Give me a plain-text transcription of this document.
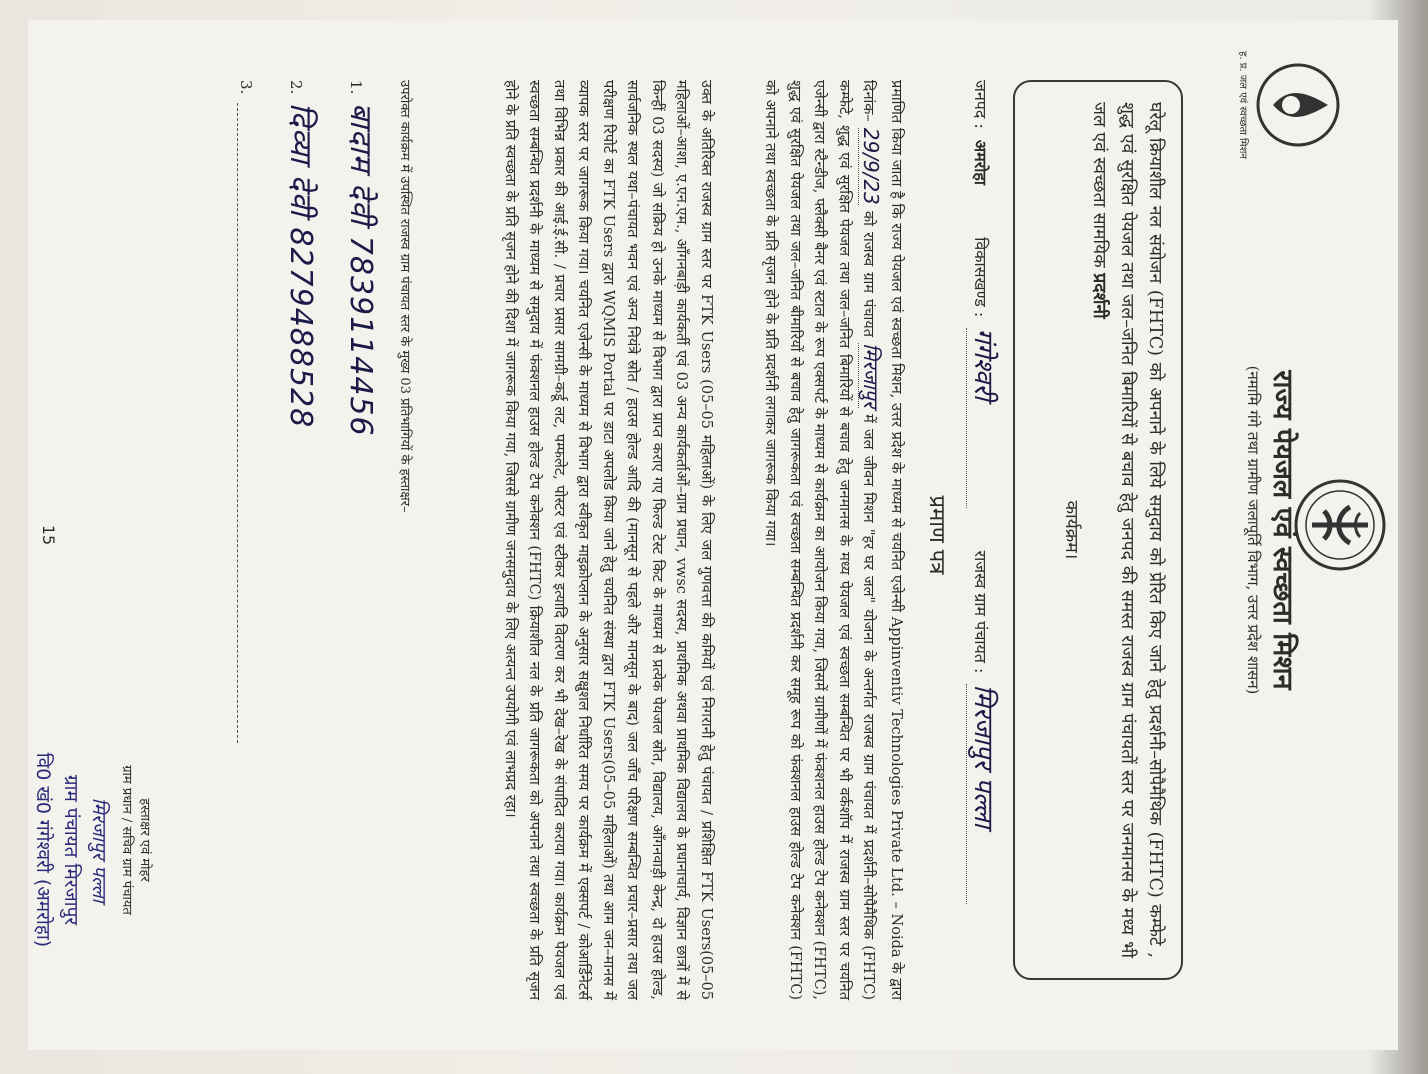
ह. प्र. जल एवं स्वच्छता मिशन
राज्य पेयजल एवं स्वच्छता मिशन
(नमामि गंगे तथा ग्रामीण जलापूर्ति विभाग, उत्तर प्रदेश शासन)
घरेलू क्रियाशील नल संयोजन (FHTC) को अपनाने के लिये समुदाय को प्रेरित किए जाने हेतु प्रदर्शनी–सोपैमैथिक (FHTC) कम्फेटे , शुद्ध एवं सुरक्षित पेयजल तथा जल–जनित बिमारियों से बचाव हेतु जनपद की समस्त राजस्व ग्राम पंचायतों स्तर पर जनमानस के मध्य भी जल एवं स्वच्छता सामयिक प्रदर्शनी
कार्यक्रम।
जनपद : अमरोहा  विकासखण्ड : गंगेश्वरी  राजस्व ग्राम पंचायत : मिरजापुर पल्ला
प्रमाण पत्र
प्रमाणित किया जाता है कि राज्य पेयजल एवं स्वच्छता मिशन, उत्तर प्रदेश के माध्यम से चयनित एजेन्सी Appinventiv Technologies Private Ltd. – Noida के द्वारा दिनांक– 29/9/23 को राजस्व ग्राम पंचायत मिरजापुर में जल जीवन मिशन "हर घर जल" योजना के अन्तर्गत राजस्व ग्राम पंचायत में प्रदर्शनी–सोपैमैथिक (FHTC) कम्फेटे, शुद्ध एवं सुरक्षित पेयजल तथा जल–जनित बिमारियों से बचाव हेतु जनमानस के मध्य पेयजल एवं स्वच्छता सम्बन्धित पर भी वर्कशॉप में राजस्व ग्राम स्तर पर चयनित एजेन्सी द्वारा स्टैन्डीज, फ्लैक्सी बैनर एवं स्टाल के रूप एक्सपर्ट के माध्यम से कार्यक्रम का आयोजन किया गया, जिसमें ग्रामीणों में फंक्शनल हाउस होल्ड टेप कनेक्शन (FHTC), शुद्ध एवं सुरक्षित पेयजल तथा जल–जनित बीमारियों से बचाव हेतु जागरूकता एवं स्वच्छता सम्बन्धित प्रदर्शनी कर समूह रूप को फंक्शनल हाउस होल्ड टेप कनेक्शन (FHTC) को अपनाने तथा स्वच्छता के प्रति सृजन होने के प्रति प्रदर्शनी लगाकर जागरूक किया गया।
उक्त के अतिरिक्त राजस्व ग्राम स्तर पर FTK Users (05–05 महिलाओं) के लिए जल गुणवत्ता की कमियों एवं निगरानी हेतु पंचायत / प्रशिक्षित FTK Users(05–05 महिलाओं–आशा, ए.एन.एम., आँगनबाड़ी कार्यकर्ती एवं 03 अन्य कार्यकर्ताओं–ग्राम प्रधान, vwsc सदस्य, प्राथमिक अथवा प्राथमिक विद्यालय के प्रधानाचार्य, विज्ञान छात्रों में से किन्हीं 03 सदस्य) जो सक्रिय हो उनके माध्यम से विभाग द्वारा प्राप्त कराए गए फिल्ड टेस्ट किट के माध्यम से प्रत्येक पेयजल स्रोत, विद्यालय, आँगनवाड़ी केन्द्र, दो हाउस होल्ड, सार्वजनिक स्थल यथा–पंचायत भवन एवं अन्य नियंत्रे स्रोत / हाउस होल्ड आदि की (मानसून से पहले और मानसून के बाद) जल जाँच परिक्षण सम्बन्धित प्रचार–प्रसार तथा जल परीक्षण रिपोर्ट का FTK Users द्वारा WQMIS Portal पर डाटा अपलोड किया जाने हेतु चयनित संस्था द्वारा FTK Users(05–05 महिलाओं) तथा आम जन–मानस में व्यापक स्तर पर जागरूक किया गया। चयनित एजेन्सी के माध्यम से विभाग द्वारा स्वीकृत माइक्रोप्लान के अनुसार सक्ष्रुशल निर्धारित समय पर कार्यक्रम में एक्सपर्ट / कोआर्डिनेटर्स तथा विभिन्न प्रकार की आई.ई.सी. / प्रचार प्रसार सामग्री–कर्डू लट, पम्फलेट, पोस्टर एवं स्टीकर इत्यादि वितरण कर भी देख–रेख के संपादित कराया गया। कार्यक्रम पेयजल एवं स्वच्छता सम्बन्धित प्रदर्शनी के माध्यम से समुदाय में फंक्शनल हाउस होल्ड टेप कनेक्शन (FHTC) क्रियाशील नल के प्रति जागरूकता को अपनाने तथा स्वच्छता के प्रति सृजन होने के प्रति स्वच्छता के प्रति सृजन होने की दिशा में जागरूक किया गया, जिससे ग्रामीण जनसमुदाय के लिए अत्यन्त उपयोगी एवं लाभप्रद रहा।
उपरोक्त कार्यक्रम में उपस्थित राजस्व ग्राम पंचायत स्तर के मुख्य 03 प्रतिभागियों के हस्ताक्षर–
1. बादाम देवी 7839114456
2. दिव्या देवी 8279488528
3.
हस्ताक्षर एवं मोहर
ग्राम प्रधान / सचिव ग्राम पंचायत
मिरजापुर पल्ला
ग्राम पंचायत मिरजापुर
वि0 खं0 गंगेश्वरी (अमरोहा)
15
